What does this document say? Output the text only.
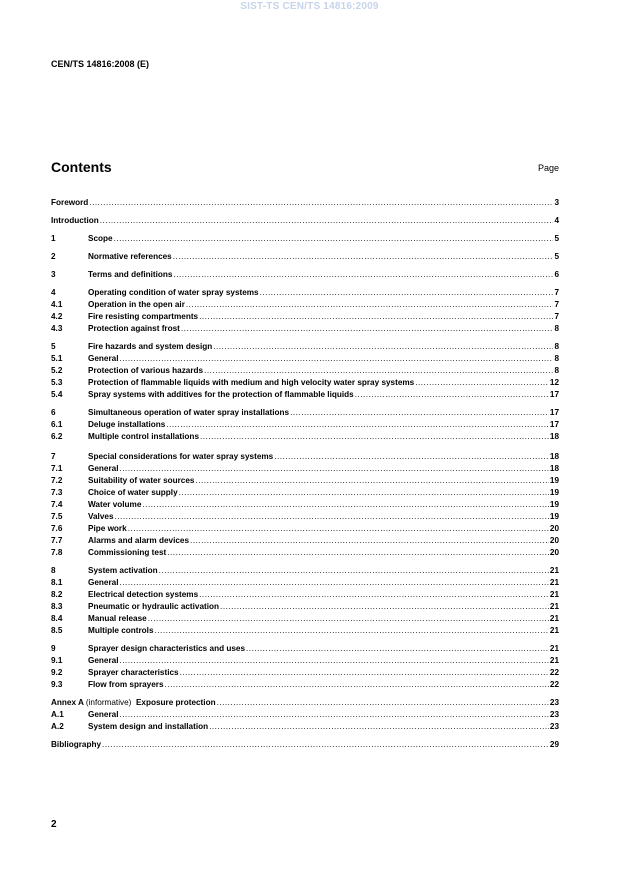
SIST-TS CEN/TS 14816:2009
CEN/TS 14816:2008 (E)
Contents	Page
Foreword .....	3
Introduction .....	4
1	Scope .....	5
2	Normative references .....	5
3	Terms and definitions .....	6
4	Operating condition of water spray systems .....	7
4.1	Operation in the open air .....	7
4.2	Fire resisting compartments .....	7
4.3	Protection against frost .....	8
5	Fire hazards and system design .....	8
5.1	General .....	8
5.2	Protection of various hazards .....	8
5.3	Protection of flammable liquids with medium and high velocity water spray systems .....	12
5.4	Spray systems with additives for the protection of flammable liquids .....	17
6	Simultaneous operation of water spray installations .....	17
6.1	Deluge installations .....	17
6.2	Multiple control installations .....	18
7	Special considerations for water spray systems .....	18
7.1	General .....	18
7.2	Suitability of water sources .....	19
7.3	Choice of water supply .....	19
7.4	Water volume .....	19
7.5	Valves .....	19
7.6	Pipe work .....	20
7.7	Alarms and alarm devices .....	20
7.8	Commissioning test .....	20
8	System activation .....	21
8.1	General .....	21
8.2	Electrical detection systems .....	21
8.3	Pneumatic or hydraulic activation .....	21
8.4	Manual release .....	21
8.5	Multiple controls .....	21
9	Sprayer design characteristics and uses .....	21
9.1	General .....	21
9.2	Sprayer characteristics .....	22
9.3	Flow from sprayers .....	22
Annex A (informative) Exposure protection .....	23
A.1	General .....	23
A.2	System design and installation .....	23
Bibliography .....	29
2
